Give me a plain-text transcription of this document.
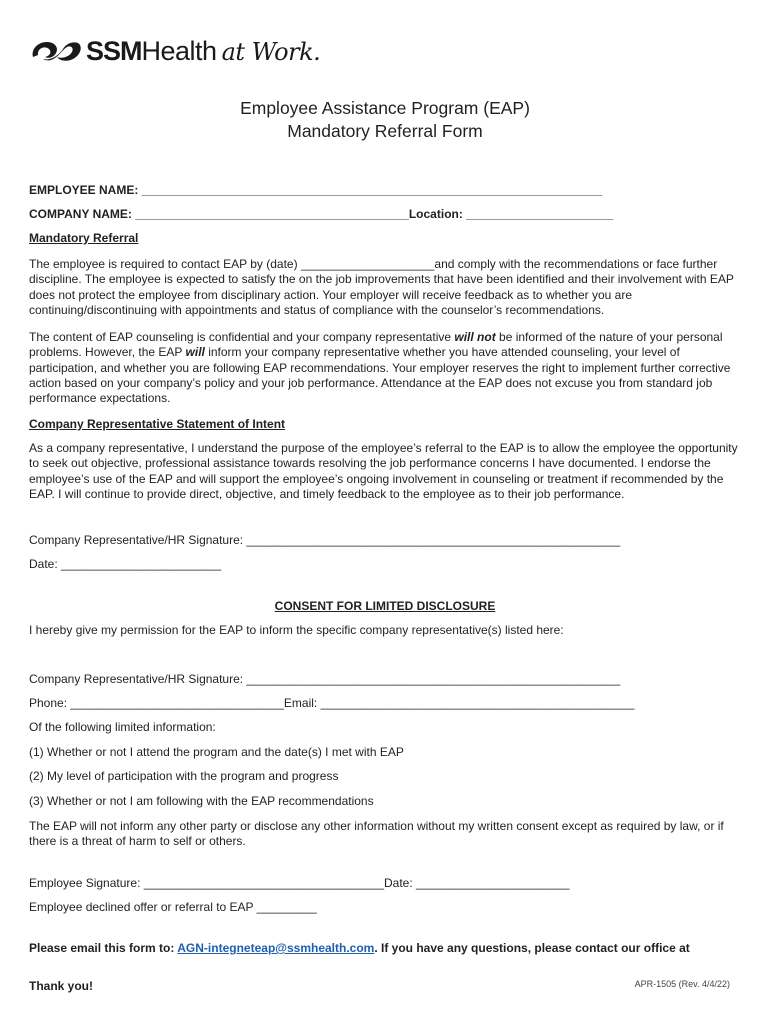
SSMHealth at Work.
Employee Assistance Program (EAP)
Mandatory Referral Form
EMPLOYEE NAME: _____________________________________________________________________
COMPANY NAME: _________________________________________Location: ______________________
Mandatory Referral
The employee is required to contact EAP by (date) ____________________and comply with the recommendations or face further discipline. The employee is expected to satisfy the on the job improvements that have been identified and their involvement with EAP does not protect the employee from disciplinary action. Your employer will receive feedback as to whether you are continuing/discontinuing with appointments and status of compliance with the counselor’s recommendations.
The content of EAP counseling is confidential and your company representative will not be informed of the nature of your personal problems. However, the EAP will inform your company representative whether you have attended counseling, your level of participation, and whether you are following EAP recommendations. Your employer reserves the right to implement further corrective action based on your company’s policy and your job performance. Attendance at the EAP does not excuse you from standard job performance expectations.
Company Representative Statement of Intent
As a company representative, I understand the purpose of the employee’s referral to the EAP is to allow the employee the opportunity to seek out objective, professional assistance towards resolving the job performance concerns I have documented. I endorse the employee’s use of the EAP and will support the employee’s ongoing involvement in counseling or treatment if recommended by the EAP. I will continue to provide direct, objective, and timely feedback to the employee as to their job performance.
Company Representative/HR Signature: ________________________________________________________
Date: ________________________
CONSENT FOR LIMITED DISCLOSURE
I hereby give my permission for the EAP to inform the specific company representative(s) listed here:
Company Representative/HR Signature: ________________________________________________________
Phone: ________________________________Email: _______________________________________________
Of the following limited information:
(1) Whether or not I attend the program and the date(s) I met with EAP
(2) My level of participation with the program and progress
(3) Whether or not I am following with the EAP recommendations
The EAP will not inform any other party or disclose any other information without my written consent except as required by law, or if there is a threat of harm to self or others.
Employee Signature: ____________________________________Date: _______________________
Employee declined offer or referral to EAP _________
Please email this form to: AGN-integneteap@ssmhealth.com. If you have any questions, please contact our office at
Thank you!	APR-1505 (Rev. 4/4/22)
